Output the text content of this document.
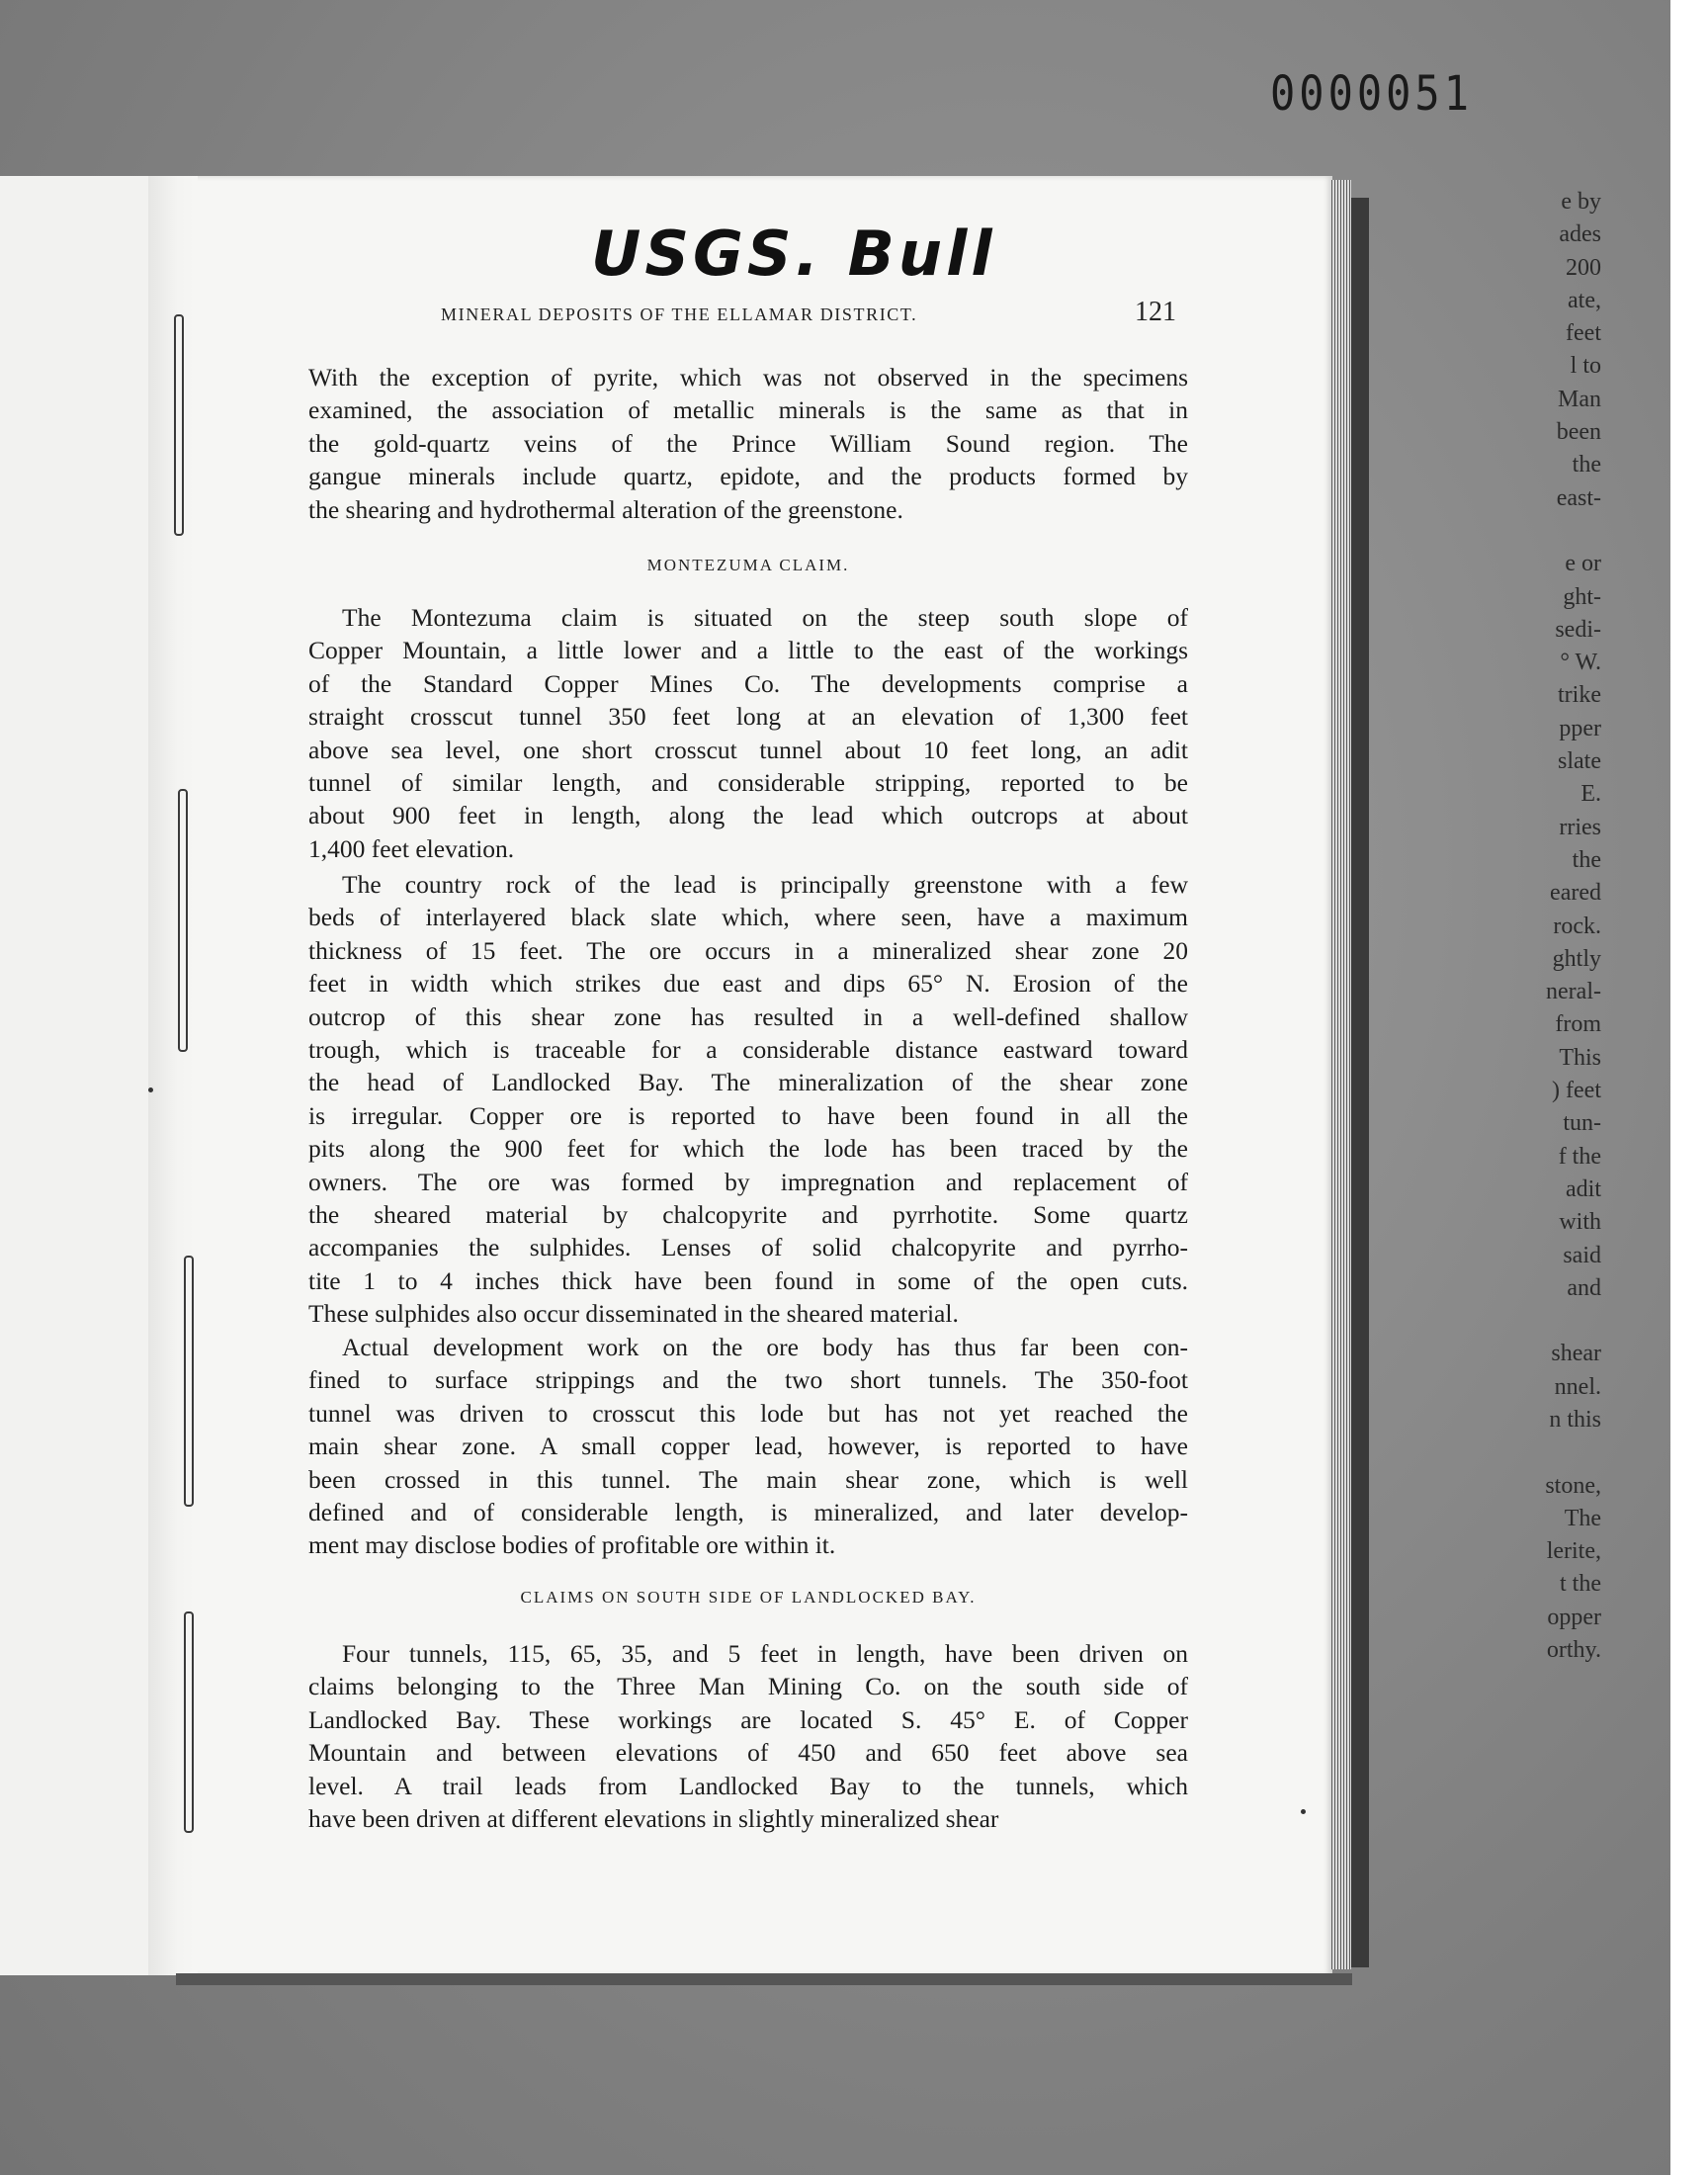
0000051
e by
ades
200
ate,
feet
l to
Man
been
the
east-

e or
ght-
sedi-
° W.
trike
pper
slate
E.
rries
the
eared
rock.
ghtly
neral-
from
This
) feet
tun-
f the
adit
with
said
and

shear
nnel.
n this

stone,
The
lerite,
t the
opper
orthy.
USGS. Bull
MINERAL DEPOSITS OF THE ELLAMAR DISTRICT.	121
With the exception of pyrite, which was not observed in the specimens
examined, the association of metallic minerals is the same as that in
the gold-quartz veins of the Prince William Sound region. The
gangue minerals include quartz, epidote, and the products formed by
the shearing and hydrothermal alteration of the greenstone.
MONTEZUMA CLAIM.
The Montezuma claim is situated on the steep south slope of
Copper Mountain, a little lower and a little to the east of the workings
of the Standard Copper Mines Co. The developments comprise a
straight crosscut tunnel 350 feet long at an elevation of 1,300 feet
above sea level, one short crosscut tunnel about 10 feet long, an adit
tunnel of similar length, and considerable stripping, reported to be
about 900 feet in length, along the lead which outcrops at about
1,400 feet elevation.
The country rock of the lead is principally greenstone with a few
beds of interlayered black slate which, where seen, have a maximum
thickness of 15 feet. The ore occurs in a mineralized shear zone 20
feet in width which strikes due east and dips 65° N. Erosion of the
outcrop of this shear zone has resulted in a well-defined shallow
trough, which is traceable for a considerable distance eastward toward
the head of Landlocked Bay. The mineralization of the shear zone
is irregular. Copper ore is reported to have been found in all the
pits along the 900 feet for which the lode has been traced by the
owners. The ore was formed by impregnation and replacement of
the sheared material by chalcopyrite and pyrrhotite. Some quartz
accompanies the sulphides. Lenses of solid chalcopyrite and pyrrho-
tite 1 to 4 inches thick have been found in some of the open cuts.
These sulphides also occur disseminated in the sheared material.
Actual development work on the ore body has thus far been con-
fined to surface strippings and the two short tunnels. The 350-foot
tunnel was driven to crosscut this lode but has not yet reached the
main shear zone. A small copper lead, however, is reported to have
been crossed in this tunnel. The main shear zone, which is well
defined and of considerable length, is mineralized, and later develop-
ment may disclose bodies of profitable ore within it.
CLAIMS ON SOUTH SIDE OF LANDLOCKED BAY.
Four tunnels, 115, 65, 35, and 5 feet in length, have been driven on
claims belonging to the Three Man Mining Co. on the south side of
Landlocked Bay. These workings are located S. 45° E. of Copper
Mountain and between elevations of 450 and 650 feet above sea
level. A trail leads from Landlocked Bay to the tunnels, which
have been driven at different elevations in slightly mineralized shear
